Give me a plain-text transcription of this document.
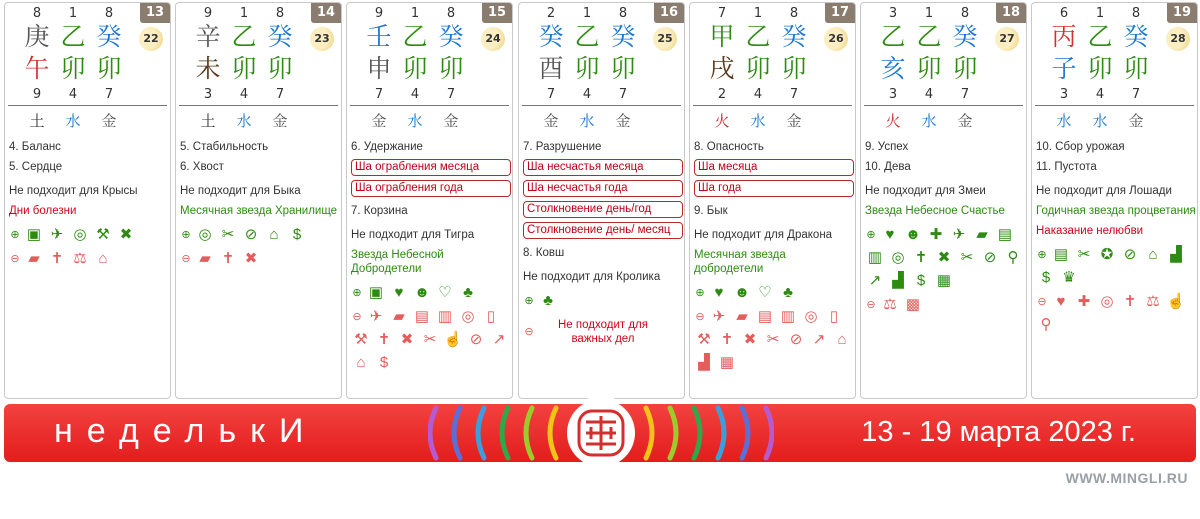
13
8	1	8
庚 乙 癸
午 卯 卯
9	4	7
22
土	水	金
4. Баланс
5. Сердце
Не подходит для Крысы
Дни болезни
⊕ ▣ ✈ ◎ ⚒ ✖
⊖ ▰ ✝ ⚖ ⌂
14
9	1	8
辛 乙 癸
未 卯 卯
3	4	7
23
土	水	金
5. Стабильность
6. Хвост
Не подходит для Быка
Месячная звезда Хранилище
⊕ ◎ ✂ ⊘ ⌂ $
⊖ ▰ ✝ ✖
15
9	1	8
壬 乙 癸
申 卯 卯
7	4	7
24
金	水	金
6. Удержание
Ша ограбления месяца
Ша ограбления года
7. Корзина
Не подходит для Тигра
Звезда Небесной Добродетели
⊕ ▣ ♥ ☻ ♡ ♣
⊖ ✈ ▰ ▤ ▥ ◎ ▯
⚒ ✝ ✖ ✂ ☝ ⊘ ↗
⌂ $
16
2	1	8
癸 乙 癸
酉 卯 卯
7	4	7
25
金	水	金
7. Разрушение
Ша несчастья месяца
Ша несчастья года
Столкновение день/год
Столкновение день/ месяц
8. Ковш
Не подходит для Кролика
⊕ ♣
⊖
Не подходит для важных дел
17
7	1	8
甲 乙 癸
戌 卯 卯
2	4	7
26
火	水	金
8. Опасность
Ша месяца
Ша года
9. Бык
Не подходит для Дракона
Месячная звезда добродетели
⊕ ♥ ☻ ♡ ♣
⊖ ✈ ▰ ▤ ▥ ◎ ▯
⚒ ✝ ✖ ✂ ⊘ ↗ ⌂
▟ ▦
18
3	1	8
乙 乙 癸
亥 卯 卯
3	4	7
27
火	水	金
9. Успех
10. Дева
Не подходит для Змеи
Звезда Небесное Счастье
⊕ ♥ ☻ ✚ ✈ ▰ ▤
▥ ◎ ✝ ✖ ✂ ⊘ ⚲
↗ ▟ $ ▦
⊖ ⚖ ▩
19
6	1	8
丙 乙 癸
子 卯 卯
3	4	7
28
水	水	金
10. Сбор урожая
11. Пустота
Не подходит для Лошади
Годичная звезда процветания
Наказание нелюбви
⊕ ▤ ✂ ✪ ⊘ ⌂ ▟
$ ♛
⊖ ♥ ✚ ◎ ✝ ⚖ ☝
⚲
неделькИ	13 - 19 марта 2023 г.
WWW.MINGLI.RU
